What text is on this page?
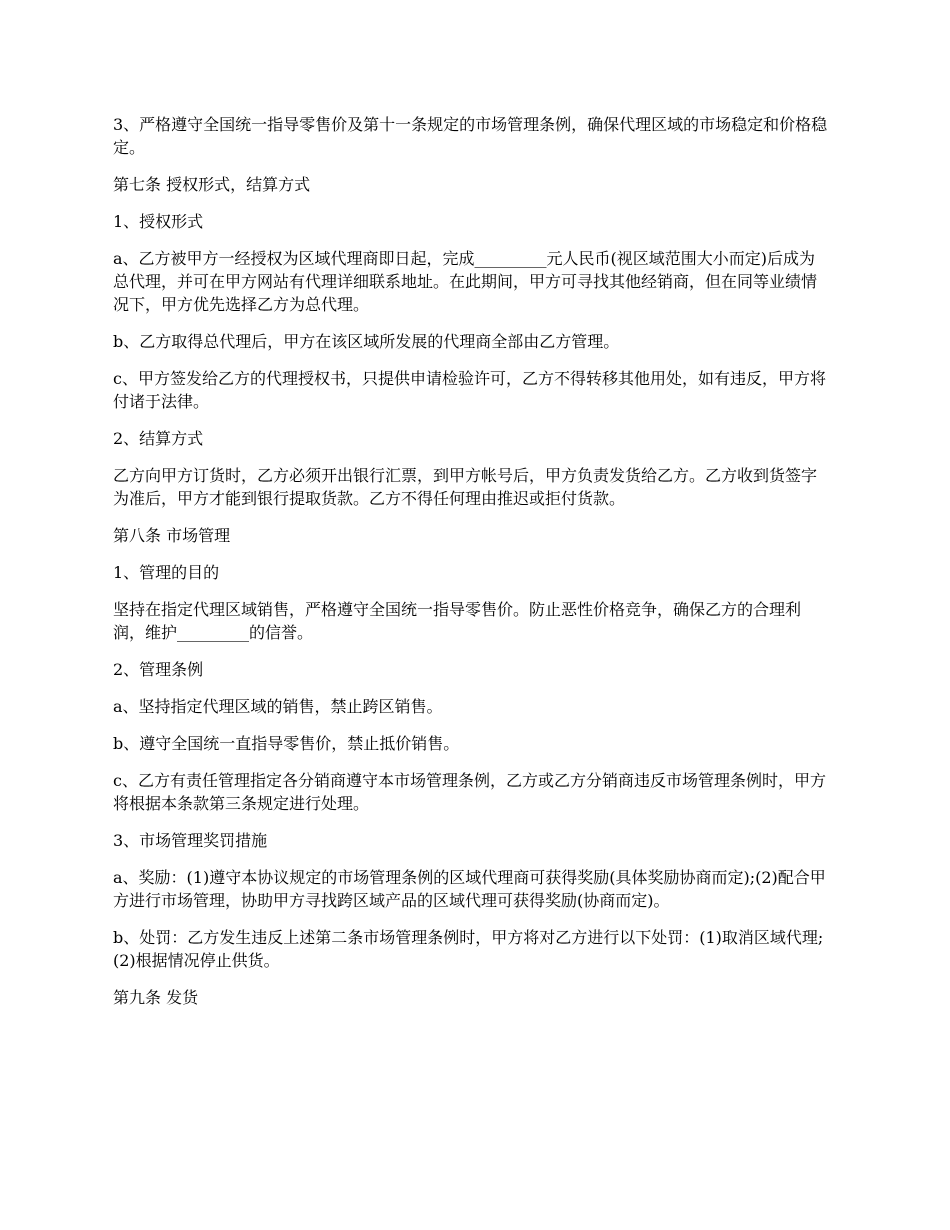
3、严格遵守全国统一指导零售价及第十一条规定的市场管理条例，确保代理区域的市场稳定和价格稳定。

第七条 授权形式，结算方式

1、授权形式

a、乙方被甲方一经授权为区域代理商即日起，完成_________元人民币(视区域范围大小而定)后成为总代理，并可在甲方网站有代理详细联系地址。在此期间，甲方可寻找其他经销商，但在同等业绩情况下，甲方优先选择乙方为总代理。

b、乙方取得总代理后，甲方在该区域所发展的代理商全部由乙方管理。

c、甲方签发给乙方的代理授权书，只提供申请检验许可，乙方不得转移其他用处，如有违反，甲方将付诸于法律。

2、结算方式

乙方向甲方订货时，乙方必须开出银行汇票，到甲方帐号后，甲方负责发货给乙方。乙方收到货签字为准后，甲方才能到银行提取货款。乙方不得任何理由推迟或拒付货款。

第八条 市场管理

1、管理的目的

坚持在指定代理区域销售，严格遵守全国统一指导零售价。防止恶性价格竞争，确保乙方的合理利润，维护_________的信誉。

2、管理条例

a、坚持指定代理区域的销售，禁止跨区销售。

b、遵守全国统一直指导零售价，禁止抵价销售。

c、乙方有责任管理指定各分销商遵守本市场管理条例，乙方或乙方分销商违反市场管理条例时，甲方将根据本条款第三条规定进行处理。

3、市场管理奖罚措施

a、奖励：(1)遵守本协议规定的市场管理条例的区域代理商可获得奖励(具体奖励协商而定);(2)配合甲方进行市场管理，协助甲方寻找跨区域产品的区域代理可获得奖励(协商而定)。

b、处罚：乙方发生违反上述第二条市场管理条例时，甲方将对乙方进行以下处罚：(1)取消区域代理;(2)根据情况停止供货。

第九条 发货
